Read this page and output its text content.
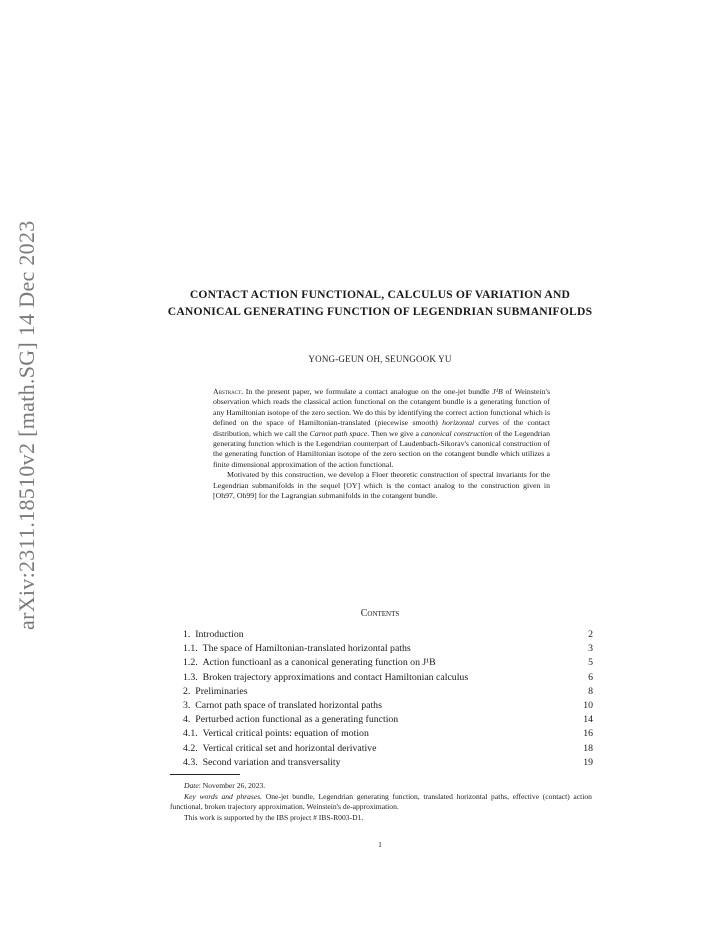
arXiv:2311.18510v2 [math.SG] 14 Dec 2023	CONTACT ACTION FUNCTIONAL, CALCULUS OF VARIATION AND CANONICAL GENERATING FUNCTION OF LEGENDRIAN SUBMANIFOLDS
YONG-GEUN OH, SEUNGOOK YU

Abstract. In the present paper, we formulate a contact analogue on the one-jet bundle J¹B of Weinstein's observation which reads the classical action functional on the cotangent bundle is a generating function of any Hamiltonian isotope of the zero section. We do this by identifying the correct action functional which is defined on the space of Hamiltonian-translated (piecewise smooth) horizontal curves of the contact distribution, which we call the Carnot path space. Then we give a canonical construction of the Legendrian generating function which is the Legendrian counterpart of Laudenbach-Sikorav's canonical construction of the generating function of Hamiltonian isotope of the zero section on the cotangent bundle which utilizes a finite dimensional approximation of the action functional.

Motivated by this construction, we develop a Floer theoretic construction of spectral invariants for the Legendrian submanifolds in the sequel [OY] which is the contact analog to the construction given in [Oh97, Oh99] for the Lagrangian submanifolds in the cotangent bundle.

Contents
1.  Introduction	2
1.1.  The space of Hamiltonian-translated horizontal paths	3
1.2.  Action functioanl as a canonical generating function on J¹B	5
1.3.  Broken trajectory approximations and contact Hamiltonian calculus	6
2.  Preliminaries	8
3.  Carnot path space of translated horizontal paths	10
4.  Perturbed action functional as a generating function	14
4.1.  Vertical critical points: equation of motion	16
4.2.  Vertical critical set and horizontal derivative	18
4.3.  Second variation and transversality	19

Date: November 26, 2023.

Key words and phrases. One-jet bundle, Legendrian generating function, translated horizontal paths, effective (contact) action functional, broken trajectory approximation, Weinstein's de-approximation.

This work is supported by the IBS project # IBS-R003-D1.

1
